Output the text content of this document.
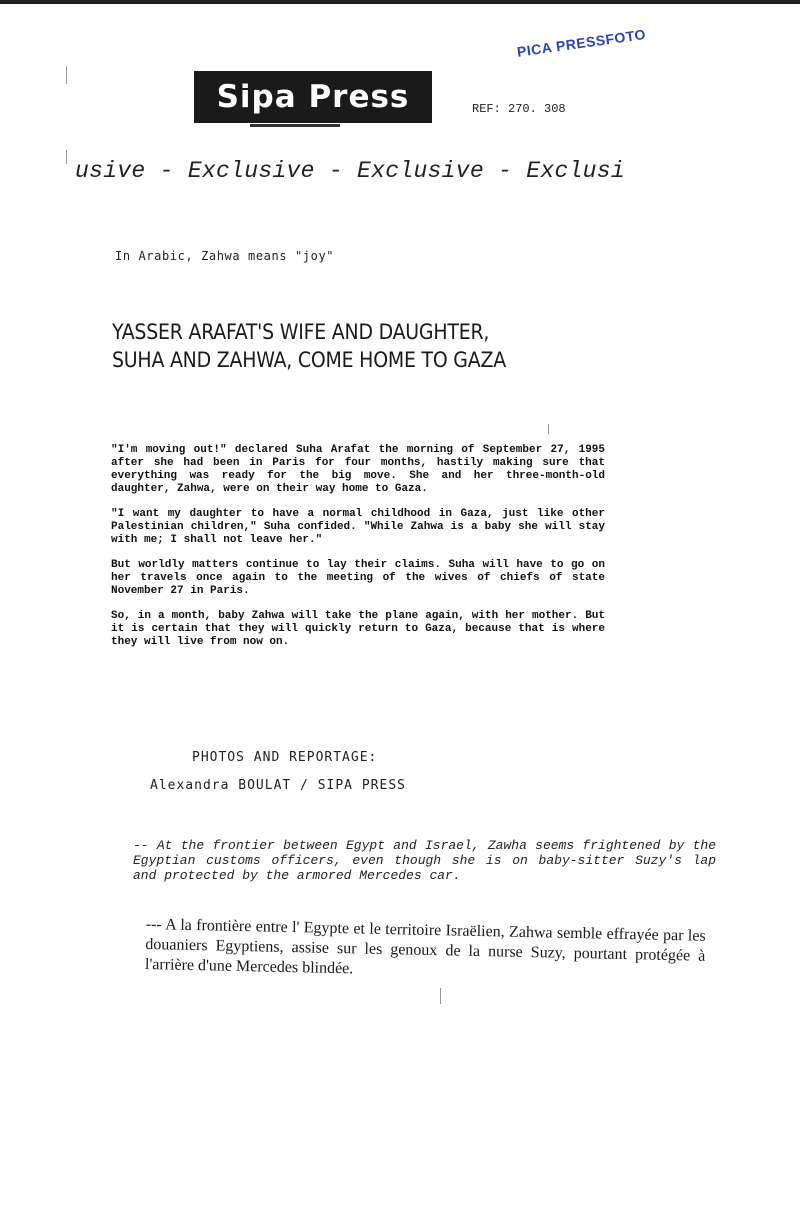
Sipa Press
PICA PRESSFOTO
REF: 270. 308
usive - Exclusive - Exclusive - Exclusi
In Arabic, Zahwa means "joy"
YASSER ARAFAT'S WIFE AND DAUGHTER,
SUHA AND ZAHWA, COME HOME TO GAZA

"I'm moving out!" declared Suha Arafat the morning of September 27, 1995 after she had been in Paris for four months, hastily making sure that everything was ready for the big move. She and her three-month-old daughter, Zahwa, were on their way home to Gaza.

"I want my daughter to have a normal childhood in Gaza, just like other Palestinian children," Suha confided. "While Zahwa is a baby she will stay with me; I shall not leave her."

But worldly matters continue to lay their claims. Suha will have to go on her travels once again to the meeting of the wives of chiefs of state November 27 in Paris.

So, in a month, baby Zahwa will take the plane again, with her mother. But it is certain that they will quickly return to Gaza, because that is where they will live from now on.

PHOTOS AND REPORTAGE:
Alexandra BOULAT / SIPA PRESS
-- At the frontier between Egypt and Israel, Zawha seems frightened by the Egyptian customs officers, even though she is on baby-sitter Suzy's lap and protected by the armored Mercedes car.
--- A la frontière entre l' Egypte et le territoire Israëlien, Zahwa semble effrayée par les douaniers Egyptiens, assise sur les genoux de la nurse Suzy, pourtant protégée à l'arrière d'une Mercedes blindée.
